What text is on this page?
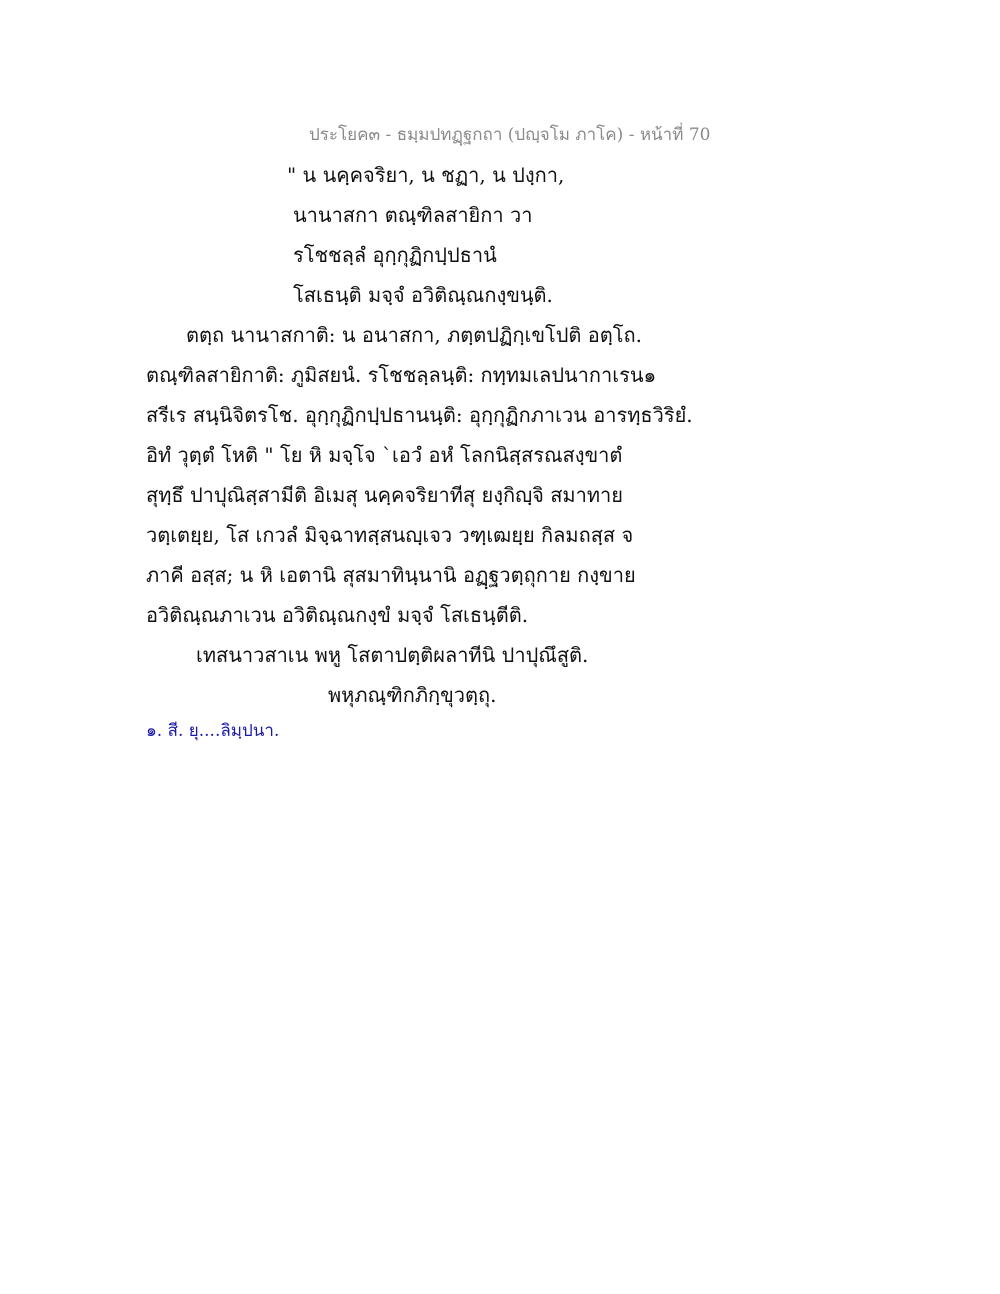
ประโยค๓ - ธมฺมปทฏฺฐกถา (ปญฺจโม ภาโค) - หน้าที่ 70
" น นคฺคจริยา, น ชฏา, น ปงฺกา,
นานาสกา ตณฺฑิลสายิกา วา
รโชชลฺลํ อุกฺกุฏิกปฺปธานํ
โสเธนฺติ มจฺจํ อวิติณฺณกงฺขนฺติ.
ตตฺถ นานาสกาติ: น อนาสกา, ภตฺตปฏิกฺเขโปติ อตฺโถ.
ตณฺฑิลสายิกาติ: ภูมิสยนํ. รโชชลฺลนฺติ: กทฺทมเลปนากาเรน๑
สรีเร สนฺนิจิตรโช. อุกฺกุฏิกปฺปธานนฺติ: อุกฺกุฏิกภาเวน อารทฺธวิริยํ.
อิทํ วุตฺตํ โหติ " โย หิ มจฺโจ `เอวํ อหํ โลกนิสฺสรณสงฺขาตํ
สุทฺธึ ปาปุณิสฺสามีติ อิเมสุ นคฺคจริยาทีสุ ยงฺกิญฺจิ สมาทาย
วตฺเตยฺย, โส เกวลํ มิจฺฉาทสฺสนญฺเจว วฑฺเฒยฺย กิลมถสฺส จ
ภาคี อสฺส; น หิ เอตานิ สุสมาทินฺนานิ อฏฺฐวตฺถุกาย กงฺขาย
อวิติณฺณภาเวน อวิติณฺณกงฺขํ มจฺจํ โสเธนฺตีติ.
เทสนาวสาเน พหู โสตาปตฺติผลาทีนิ ปาปุณึสูติ.
พหุภณฺฑิกภิกฺขุวตฺถุ.
๑. สี. ยุ....ลิมฺปนา.
